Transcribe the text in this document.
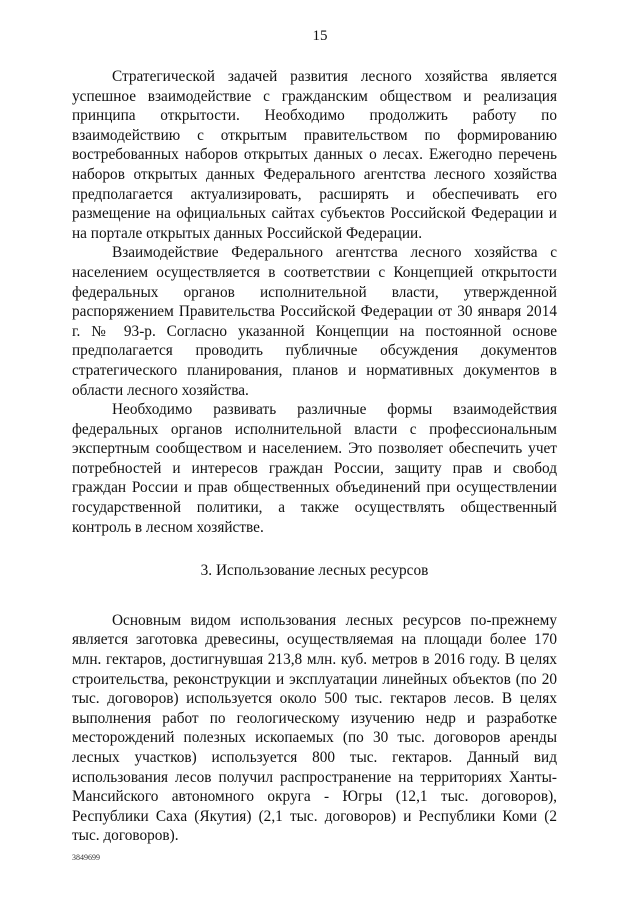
15

Стратегической задачей развития лесного хозяйства является успешное взаимодействие с гражданским обществом и реализация принципа открытости. Необходимо продолжить работу по взаимодействию с открытым правительством по формированию востребованных наборов открытых данных о лесах. Ежегодно перечень наборов открытых данных Федерального агентства лесного хозяйства предполагается актуализировать, расширять и обеспечивать его размещение на официальных сайтах субъектов Российской Федерации и на портале открытых данных Российской Федерации.

Взаимодействие Федерального агентства лесного хозяйства с населением осуществляется в соответствии с Концепцией открытости федеральных органов исполнительной власти, утвержденной распоряжением Правительства Российской Федерации от 30 января 2014 г. № 93-р. Согласно указанной Концепции на постоянной основе предполагается проводить публичные обсуждения документов стратегического планирования, планов и нормативных документов в области лесного хозяйства.

Необходимо развивать различные формы взаимодействия федеральных органов исполнительной власти с профессиональным экспертным сообществом и населением. Это позволяет обеспечить учет потребностей и интересов граждан России, защиту прав и свобод граждан России и прав общественных объединений при осуществлении государственной политики, а также осуществлять общественный контроль в лесном хозяйстве.

3. Использование лесных ресурсов

Основным видом использования лесных ресурсов по-прежнему является заготовка древесины, осуществляемая на площади более 170 млн. гектаров, достигнувшая 213,8 млн. куб. метров в 2016 году. В целях строительства, реконструкции и эксплуатации линейных объектов (по 20 тыс. договоров) используется около 500 тыс. гектаров лесов. В целях выполнения работ по геологическому изучению недр и разработке месторождений полезных ископаемых (по 30 тыс. договоров аренды лесных участков) используется 800 тыс. гектаров. Данный вид использования лесов получил распространение на территориях Ханты-Мансийского автономного округа - Югры (12,1 тыс. договоров), Республики Саха (Якутия) (2,1 тыс. договоров) и Республики Коми (2 тыс. договоров).

3849699
